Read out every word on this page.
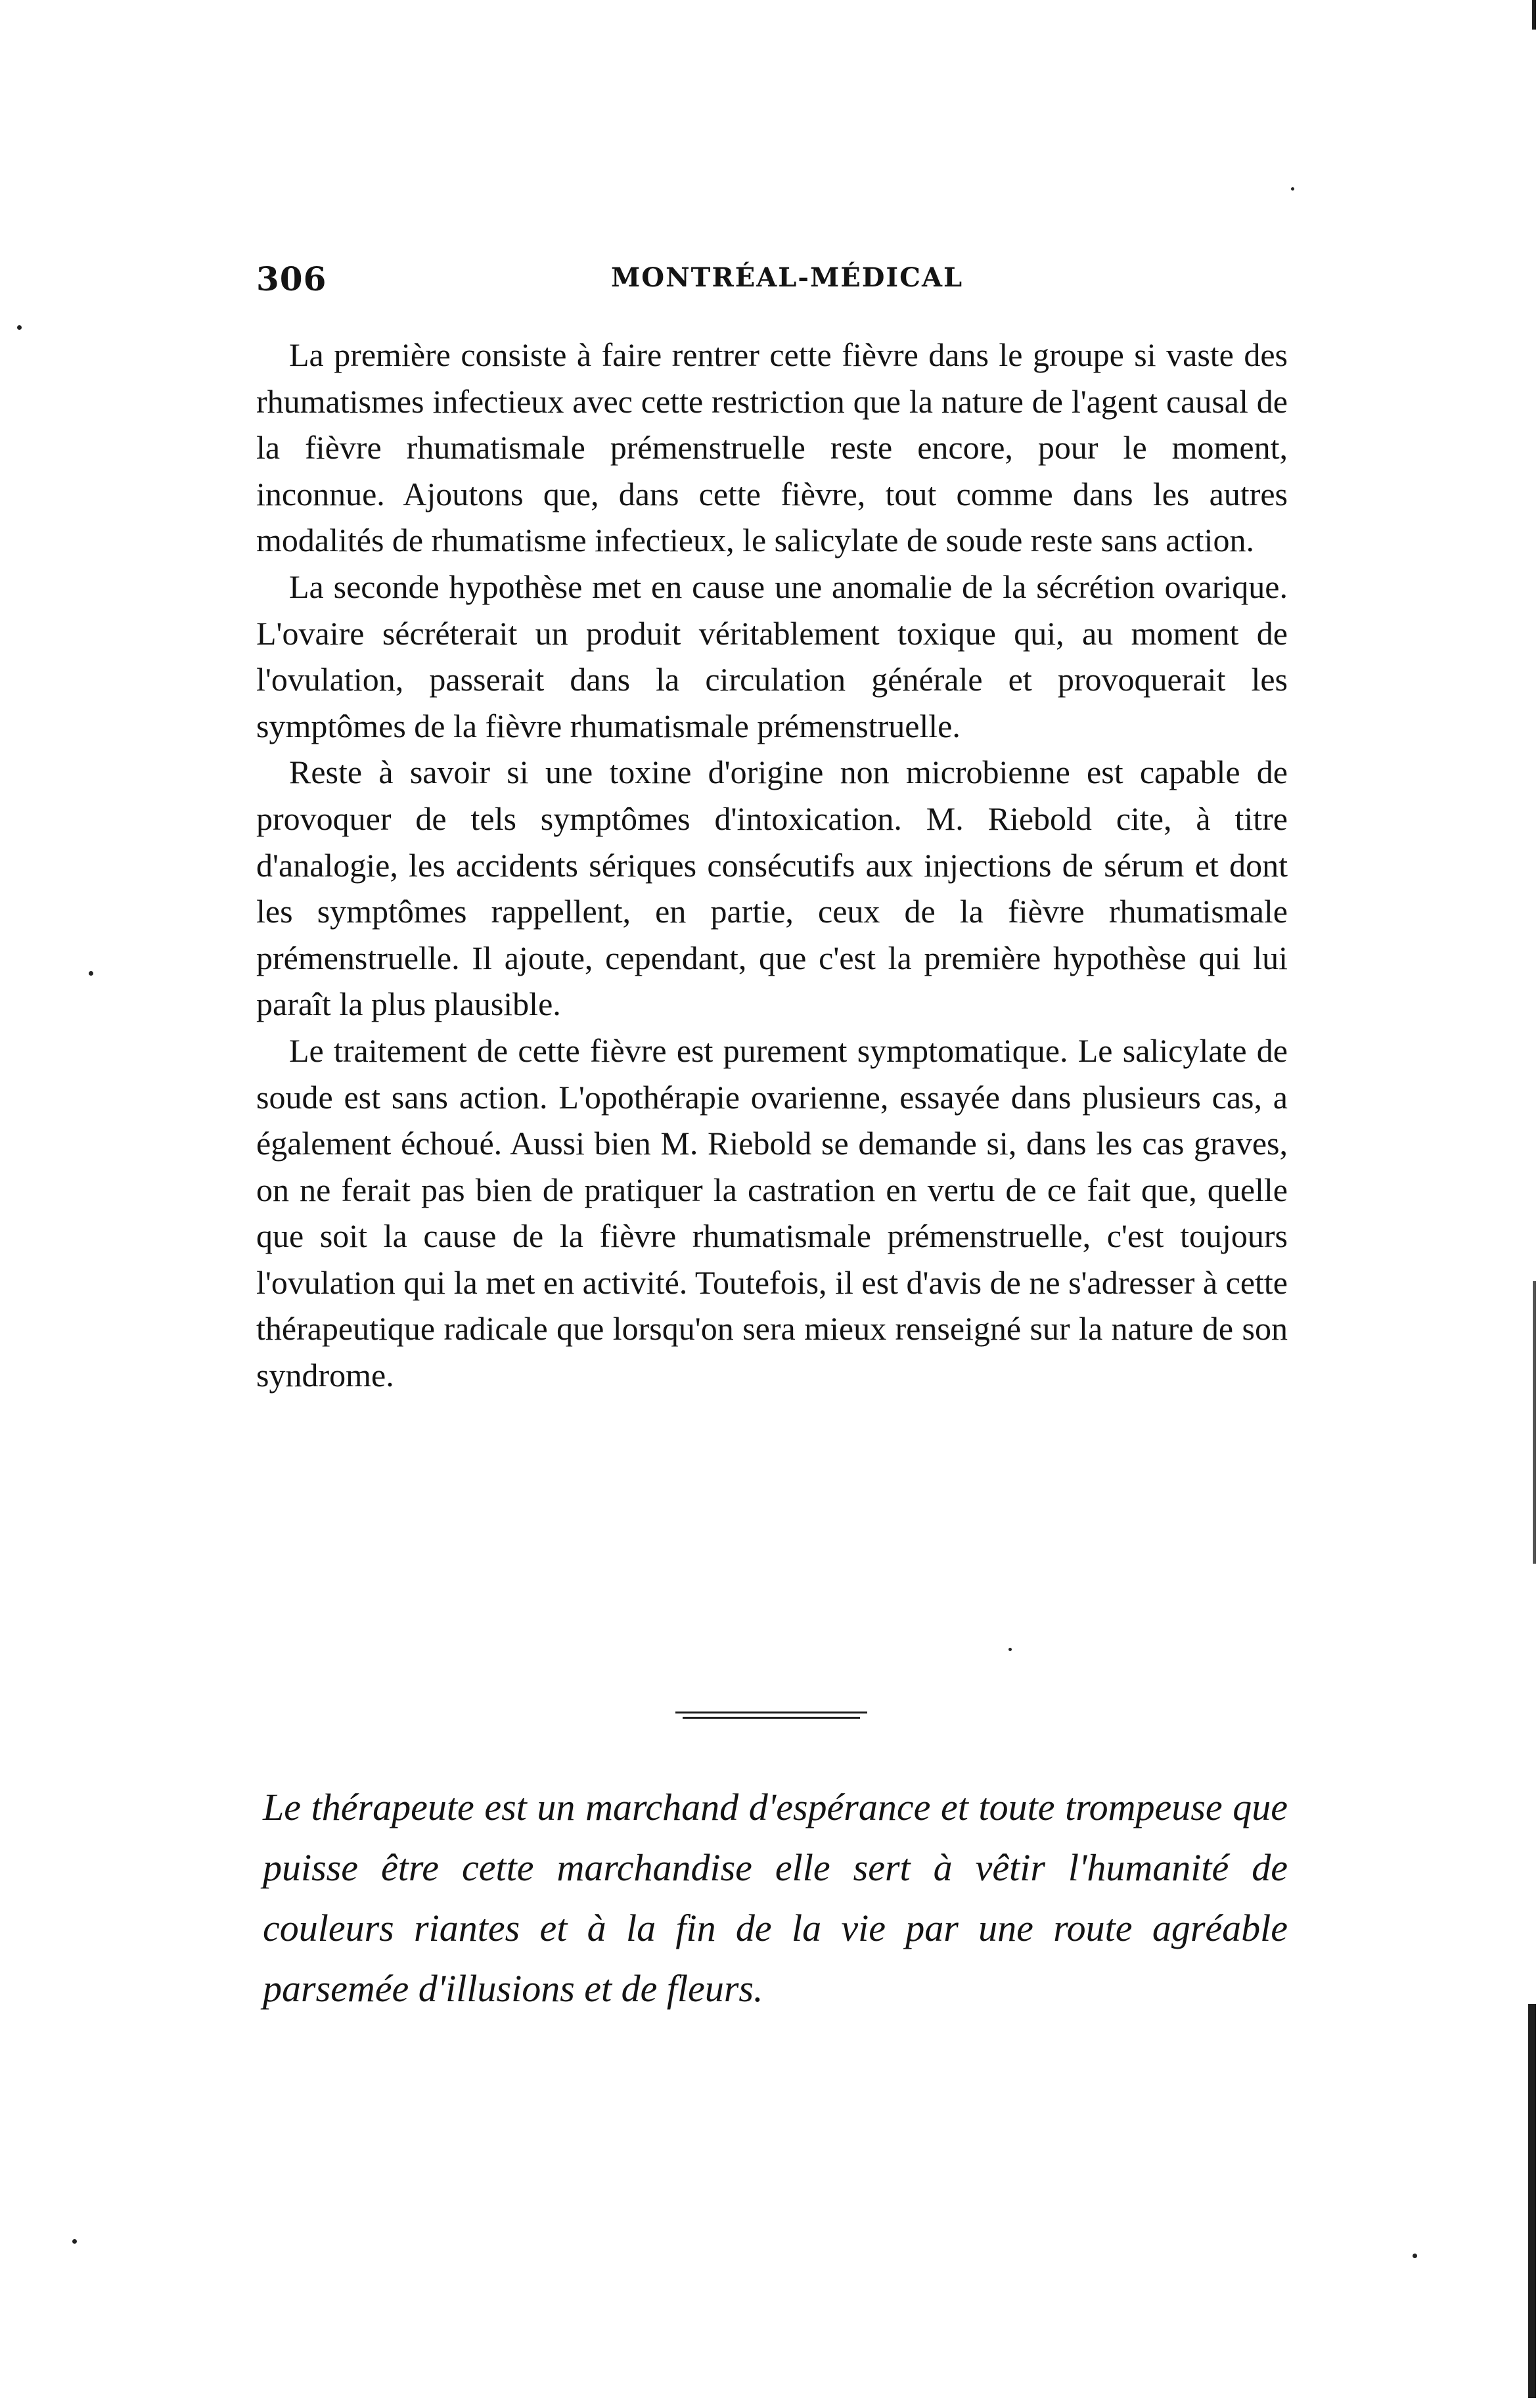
306	MONTRÉAL-MÉDICAL

La première consiste à faire rentrer cette fièvre dans le groupe si vaste des rhumatismes infectieux avec cette restriction que la nature de l'agent causal de la fièvre rhumatismale prémenstruelle reste encore, pour le moment, inconnue. Ajoutons que, dans cette fièvre, tout comme dans les autres modalités de rhumatisme infectieux, le salicylate de soude reste sans action.

La seconde hypothèse met en cause une anomalie de la sécrétion ovarique. L'ovaire sécréterait un produit véritablement toxique qui, au moment de l'ovulation, passerait dans la circulation générale et provoquerait les symptômes de la fièvre rhumatismale prémenstruelle.

Reste à savoir si une toxine d'origine non microbienne est capable de provoquer de tels symptômes d'intoxication. M. Riebold cite, à titre d'analogie, les accidents sériques consécutifs aux injections de sérum et dont les symptômes rappellent, en partie, ceux de la fièvre rhumatismale prémenstruelle. Il ajoute, cependant, que c'est la première hypothèse qui lui paraît la plus plausible.

Le traitement de cette fièvre est purement symptomatique. Le salicylate de soude est sans action. L'opothérapie ovarienne, essayée dans plusieurs cas, a également échoué. Aussi bien M. Riebold se demande si, dans les cas graves, on ne ferait pas bien de pratiquer la castration en vertu de ce fait que, quelle que soit la cause de la fièvre rhumatismale prémenstruelle, c'est toujours l'ovulation qui la met en activité. Toutefois, il est d'avis de ne s'adresser à cette thérapeutique radicale que lorsqu'on sera mieux renseigné sur la nature de son syndrome.

Le thérapeute est un marchand d'espérance et toute trompeuse que puisse être cette marchandise elle sert à vêtir l'humanité de couleurs riantes et à la fin de la vie par une route agréable parsemée d'illusions et de fleurs.
